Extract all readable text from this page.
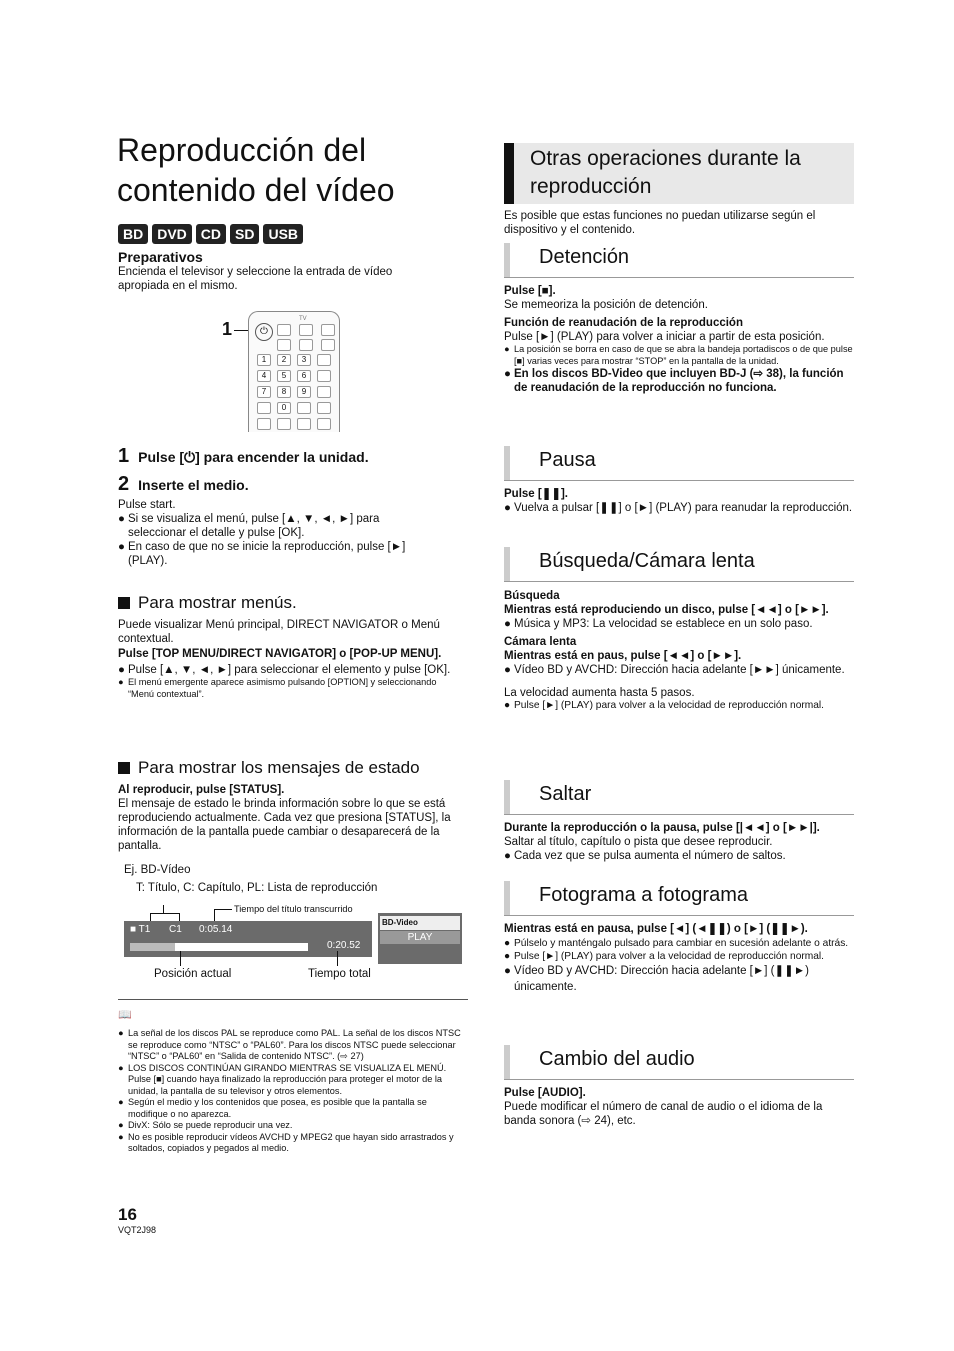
Reproducción del
contenido del vídeo
BD	DVD	CD	SD	USB

Preparativos

Encienda el televisor y seleccione la entrada de vídeo apropiada en el mismo.

1	⏻
TV
1	2	3
4	5	6
7	8	9
0
1 Pulse [⏻] para encender la unidad.
2 Inserte el medio.

Pulse start.

● Si se visualiza el menú, pulse [▲, ▼, ◄, ►] para seleccionar el detalle y pulse [OK].
● En caso de que no se inicie la reproducción, pulse [►] (PLAY).
Para mostrar menús.

Puede visualizar Menú principal, DIRECT NAVIGATOR o Menú contextual.

Pulse [TOP MENU/DIRECT NAVIGATOR] o [POP-UP MENU].

● Pulse [▲, ▼, ◄, ►] para seleccionar el elemento y pulse [OK].
● El menú emergente aparece asimismo pulsando [OPTION] y seleccionando “Menú contextual”.
Para mostrar los mensajes de estado

Al reproducir, pulse [STATUS].

El mensaje de estado le brinda información sobre lo que se está reproduciendo actualmente. Cada vez que presiona [STATUS], la información de la pantalla puede cambiar o desaparecerá de la pantalla.

Ej. BD-Vídeo
T: Título, C: Capítulo, PL: Lista de reproducción
Tiempo del título transcurrido
■ T1 C1 0:05.14
0:20.52
BD-Video
PLAY
Posición actual	Tiempo total
📖
● La señal de los discos PAL se reproduce como PAL. La señal de los discos NTSC se reproduce como “NTSC” o “PAL60”. Para los discos NTSC puede seleccionar “NTSC” o “PAL60” en “Salida de contenido NTSC”. (⇨ 27)
● LOS DISCOS CONTINÚAN GIRANDO MIENTRAS SE VISUALIZA EL MENÚ. Pulse [■] cuando haya finalizado la reproducción para proteger el motor de la unidad, la pantalla de su televisor y otros elementos.
● Según el medio y los contenidos que posea, es posible que la pantalla se modifique o no aparezca.
● DivX: Sólo se puede reproducir una vez.
● No es posible reproducir vídeos AVCHD y MPEG2 que hayan sido arrastrados y soltados, copiados y pegados al medio.
16
VQT2J98
Otras operaciones durante la reproducción
Es posible que estas funciones no puedan utilizarse según el dispositivo y el contenido.
Detención

Pulse [■].

Se memeoriza la posición de detención.

Función de reanudación de la reproducción

Pulse [►] (PLAY) para volver a iniciar a partir de esta posición.

● La posición se borra en caso de que se abra la bandeja portadiscos o de que pulse [■] varias veces para mostrar “STOP” en la pantalla de la unidad.
● En los discos BD-Video que incluyen BD-J (⇨ 38), la función de reanudación de la reproducción no funciona.
Pausa

Pulse [❚❚].

● Vuelva a pulsar [❚❚] o [►] (PLAY) para reanudar la reproducción.
Búsqueda/Cámara lenta

Búsqueda

Mientras está reproduciendo un disco, pulse [◄◄] o [►►].

● Música y MP3: La velocidad se establece en un solo paso.

Cámara lenta

Mientras está en paus, pulse [◄◄] o [►►].

● Vídeo BD y AVCHD: Dirección hacia adelante [►►] únicamente.

La velocidad aumenta hasta 5 pasos.

● Pulse [►] (PLAY) para volver a la velocidad de reproducción normal.
Saltar

Durante la reproducción o la pausa, pulse [|◄◄] o [►►|].

Saltar al título, capítulo o pista que desee reproducir.

● Cada vez que se pulsa aumenta el número de saltos.
Fotograma a fotograma

Mientras está en pausa, pulse [◄] (◄❚❚) o [►] (❚❚►).

● Púlselo y manténgalo pulsado para cambiar en sucesión adelante o atrás.
● Pulse [►] (PLAY) para volver a la velocidad de reproducción normal.
● Vídeo BD y AVCHD: Dirección hacia adelante [►] (❚❚►) únicamente.
Cambio del audio

Pulse [AUDIO].

Puede modificar el número de canal de audio o el idioma de la banda sonora (⇨ 24), etc.
